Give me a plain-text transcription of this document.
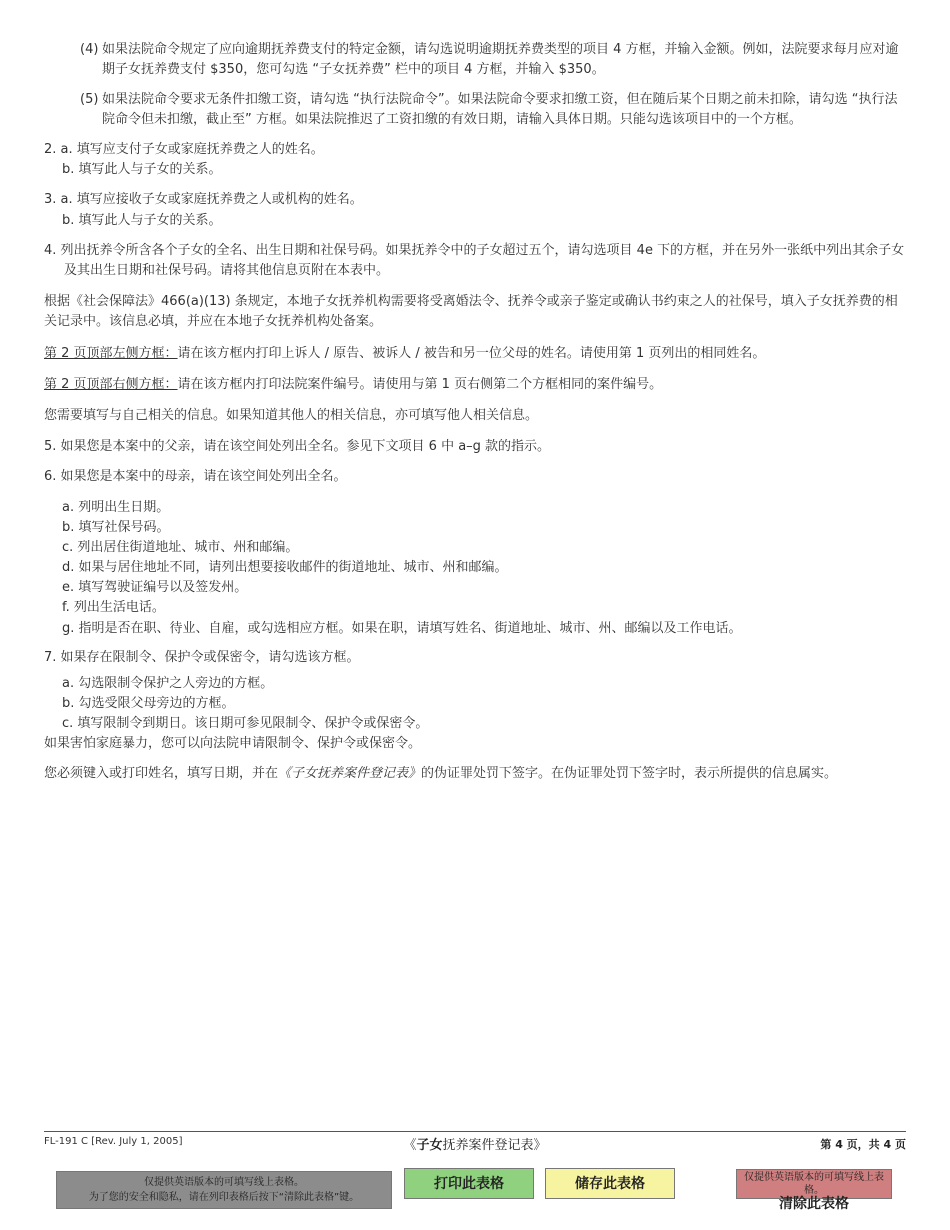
(4) 如果法院命令规定了应向逾期抚养费支付的特定金额，请勾选说明逾期抚养费类型的项目 4 方框，并输入金额。例如，法院要求每月应对逾期子女抚养费支付 $350，您可勾选 “子女抚养费” 栏中的项目 4 方框，并输入 $350。
(5) 如果法院命令要求无条件扣缴工资，请勾选 “执行法院命令”。如果法院命令要求扣缴工资，但在随后某个日期之前未扣除，请勾选 “执行法院命令但未扣缴，截止至” 方框。如果法院推迟了工资扣缴的有效日期，请输入具体日期。只能勾选该项目中的一个方框。

2. a. 填写应支付子女或家庭抚养费之人的姓名。

b. 填写此人与子女的关系。

3. a. 填写应接收子女或家庭抚养费之人或机构的姓名。

b. 填写此人与子女的关系。

4. 列出抚养令所含各个子女的全名、出生日期和社保号码。如果抚养令中的子女超过五个，请勾选项目 4e 下的方框，并在另外一张纸中列出其余子女及其出生日期和社保号码。请将其他信息页附在本表中。

根据《社会保障法》466(a)(13) 条规定，本地子女抚养机构需要将受离婚法令、抚养令或亲子鉴定或确认书约束之人的社保号，填入子女抚养费的相关记录中。该信息必填，并应在本地子女抚养机构处备案。

第 2 页顶部左侧方框：请在该方框内打印上诉人 / 原告、被诉人 / 被告和另一位父母的姓名。请使用第 1 页列出的相同姓名。

第 2 页顶部右侧方框：请在该方框内打印法院案件编号。请使用与第 1 页右侧第二个方框相同的案件编号。

您需要填写与自己相关的信息。如果知道其他人的相关信息，亦可填写他人相关信息。

5. 如果您是本案中的父亲，请在该空间处列出全名。参见下文项目 6 中 a–g 款的指示。

6. 如果您是本案中的母亲，请在该空间处列出全名。

a. 列明出生日期。

b. 填写社保号码。

c. 列出居住街道地址、城市、州和邮编。

d. 如果与居住地址不同，请列出想要接收邮件的街道地址、城市、州和邮编。

e. 填写驾驶证编号以及签发州。

f. 列出生活电话。

g. 指明是否在职、待业、自雇，或勾选相应方框。如果在职，请填写姓名、街道地址、城市、州、邮编以及工作电话。

7. 如果存在限制令、保护令或保密令，请勾选该方框。

a. 勾选限制令保护之人旁边的方框。

b. 勾选受限父母旁边的方框。

c. 填写限制令到期日。该日期可参见限制令、保护令或保密令。

如果害怕家庭暴力，您可以向法院申请限制令、保护令或保密令。

您必须键入或打印姓名，填写日期，并在《子女抚养案件登记表》的伪证罪处罚下签字。在伪证罪处罚下签字时，表示所提供的信息属实。

FL-191 C [Rev. July 1, 2005]	《子女抚养案件登记表》	第 4 页，共 4 页
仅提供英语版本的可填写线上表格。
为了您的安全和隐私，请在列印表格后按下“清除此表格”键。
打印此表格	储存此表格	仅提供英语版本的可填写线上表格。
清除此表格
